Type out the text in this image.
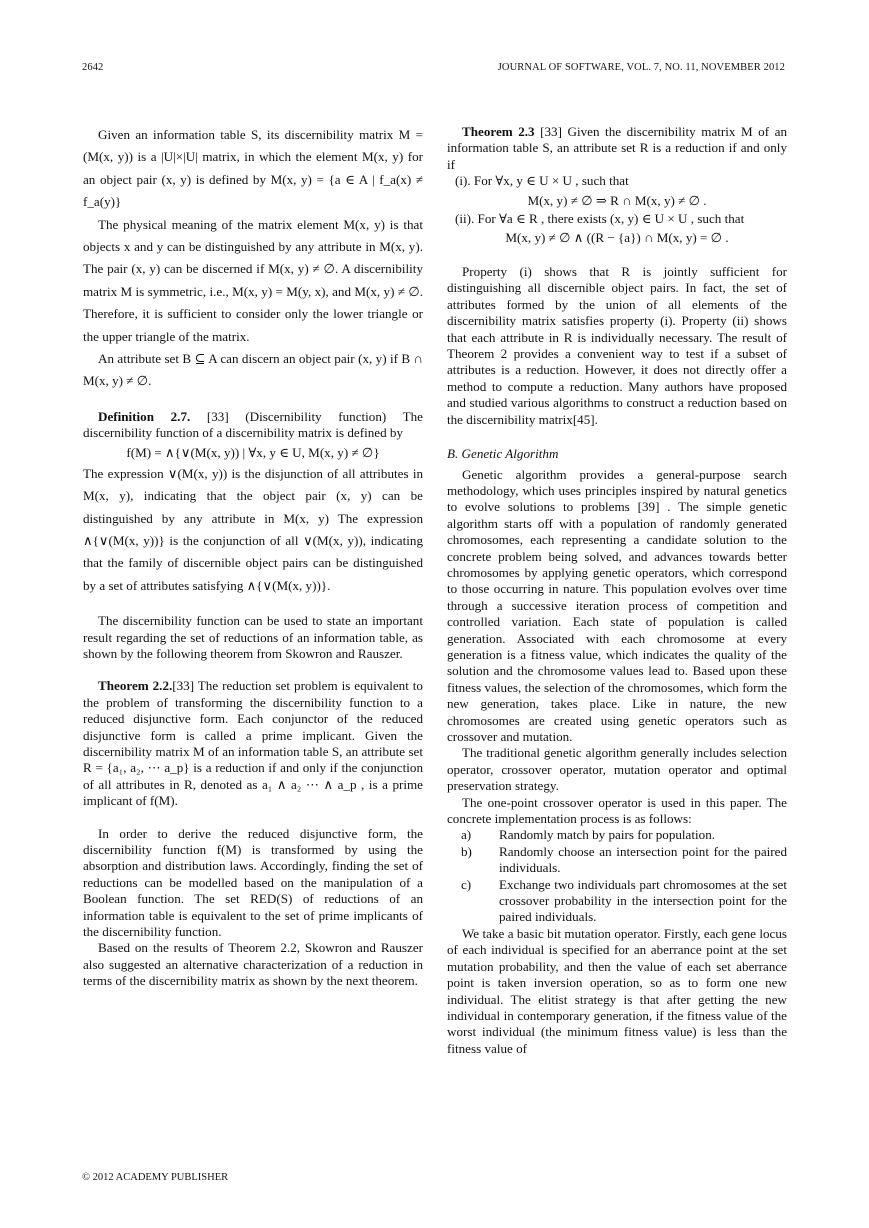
2642	JOURNAL OF SOFTWARE, VOL. 7, NO. 11, NOVEMBER 2012

Given an information table S, its discernibility matrix M = (M(x, y)) is a |U|×|U| matrix, in which the element M(x, y) for an object pair (x, y) is defined by M(x, y) = {a ∈ A | f_a(x) ≠ f_a(y)}

The physical meaning of the matrix element M(x, y) is that objects x and y can be distinguished by any attribute in M(x, y). The pair (x, y) can be discerned if M(x, y) ≠ ∅. A discernibility matrix M is symmetric, i.e., M(x, y) = M(y, x), and M(x, y) ≠ ∅. Therefore, it is sufficient to consider only the lower triangle or the upper triangle of the matrix.

An attribute set B ⊆ A can discern an object pair (x, y) if B ∩ M(x, y) ≠ ∅.

Definition 2.7. [33] (Discernibility function) The discernibility function of a discernibility matrix is defined by

f(M) = ∧{∨(M(x, y)) | ∀x, y ∈ U, M(x, y) ≠ ∅}

The expression ∨(M(x, y)) is the disjunction of all attributes in M(x, y), indicating that the object pair (x, y) can be distinguished by any attribute in M(x, y) The expression ∧{∨(M(x, y))} is the conjunction of all ∨(M(x, y)), indicating that the family of discernible object pairs can be distinguished by a set of attributes satisfying ∧{∨(M(x, y))}.

The discernibility function can be used to state an important result regarding the set of reductions of an information table, as shown by the following theorem from Skowron and Rauszer.

Theorem 2.2.[33] The reduction set problem is equivalent to the problem of transforming the discernibility function to a reduced disjunctive form. Each conjunctor of the reduced disjunctive form is called a prime implicant. Given the discernibility matrix M of an information table S, an attribute set R = {a₁, a₂, ⋯ a_p} is a reduction if and only if the conjunction of all attributes in R, denoted as a₁ ∧ a₂ ⋯ ∧ a_p , is a prime implicant of f(M).

In order to derive the reduced disjunctive form, the discernibility function f(M) is transformed by using the absorption and distribution laws. Accordingly, finding the set of reductions can be modelled based on the manipulation of a Boolean function. The set RED(S) of reductions of an information table is equivalent to the set of prime implicants of the discernibility function.

Based on the results of Theorem 2.2, Skowron and Rauszer also suggested an alternative characterization of a reduction in terms of the discernibility matrix as shown by the next theorem.

Theorem 2.3 [33] Given the discernibility matrix M of an information table S, an attribute set R is a reduction if and only if

(i). For ∀x, y ∈ U × U , such that

M(x, y) ≠ ∅ ⇒ R ∩ M(x, y) ≠ ∅ .

(ii). For ∀a ∈ R , there exists (x, y) ∈ U × U , such that

M(x, y) ≠ ∅ ∧ ((R − {a}) ∩ M(x, y) = ∅ .

Property (i) shows that R is jointly sufficient for distinguishing all discernible object pairs. In fact, the set of attributes formed by the union of all elements of the discernibility matrix satisfies property (i). Property (ii) shows that each attribute in R is individually necessary. The result of Theorem 2 provides a convenient way to test if a subset of attributes is a reduction. However, it does not directly offer a method to compute a reduction. Many authors have proposed and studied various algorithms to construct a reduction based on the discernibility matrix[45].

B. Genetic Algorithm

Genetic algorithm provides a general-purpose search methodology, which uses principles inspired by natural genetics to evolve solutions to problems [39] . The simple genetic algorithm starts off with a population of randomly generated chromosomes, each representing a candidate solution to the concrete problem being solved, and advances towards better chromosomes by applying genetic operators, which correspond to those occurring in nature. This population evolves over time through a successive iteration process of competition and controlled variation. Each state of population is called generation. Associated with each chromosome at every generation is a fitness value, which indicates the quality of the solution and the chromosome values lead to. Based upon these fitness values, the selection of the chromosomes, which form the new generation, takes place. Like in nature, the new chromosomes are created using genetic operators such as crossover and mutation.

The traditional genetic algorithm generally includes selection operator, crossover operator, mutation operator and optimal preservation strategy.

The one-point crossover operator is used in this paper. The concrete implementation process is as follows:

a)	Randomly match by pairs for population.
b)	Randomly choose an intersection point for the paired individuals.
c)	Exchange two individuals part chromosomes at the set crossover probability in the intersection point for the paired individuals.

We take a basic bit mutation operator. Firstly, each gene locus of each individual is specified for an aberrance point at the set mutation probability, and then the value of each set aberrance point is taken inversion operation, so as to form one new individual. The elitist strategy is that after getting the new individual in contemporary generation, if the fitness value of the worst individual (the minimum fitness value) is less than the fitness value of

© 2012 ACADEMY PUBLISHER
